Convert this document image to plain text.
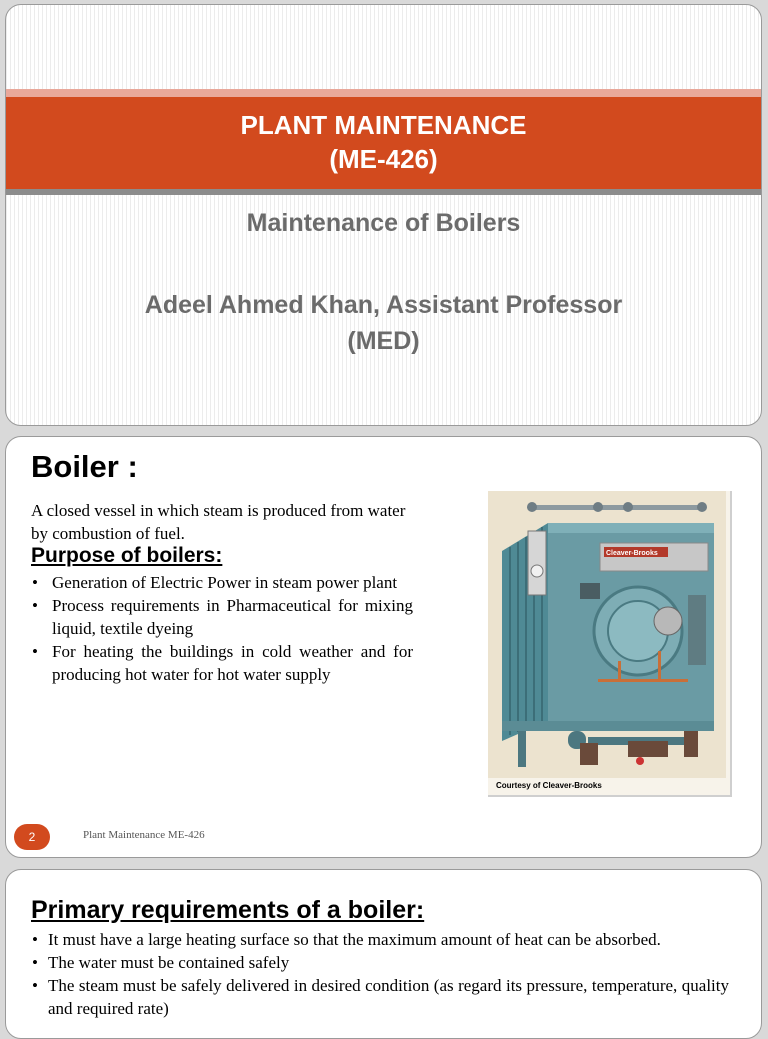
PLANT MAINTENANCE
(ME-426)
Maintenance of Boilers
Adeel Ahmed Khan, Assistant Professor
(MED)
Boiler :
A closed vessel in which steam is produced from water by combustion of fuel.
Purpose of boilers:
• Generation of Electric Power in steam power plant
• Process requirements in Pharmaceutical for mixing liquid, textile dyeing
• For heating the buildings in cold weather and for producing hot water for hot water supply
Cleaver-Brooks
Courtesy of Cleaver-Brooks
2	Plant Maintenance ME-426
Primary requirements of a boiler:
• It must have a large heating surface so that the maximum amount of heat can be absorbed.
• The water must be contained safely
• The steam must be safely delivered in desired condition (as regard its pressure, temperature, quality and required rate)
